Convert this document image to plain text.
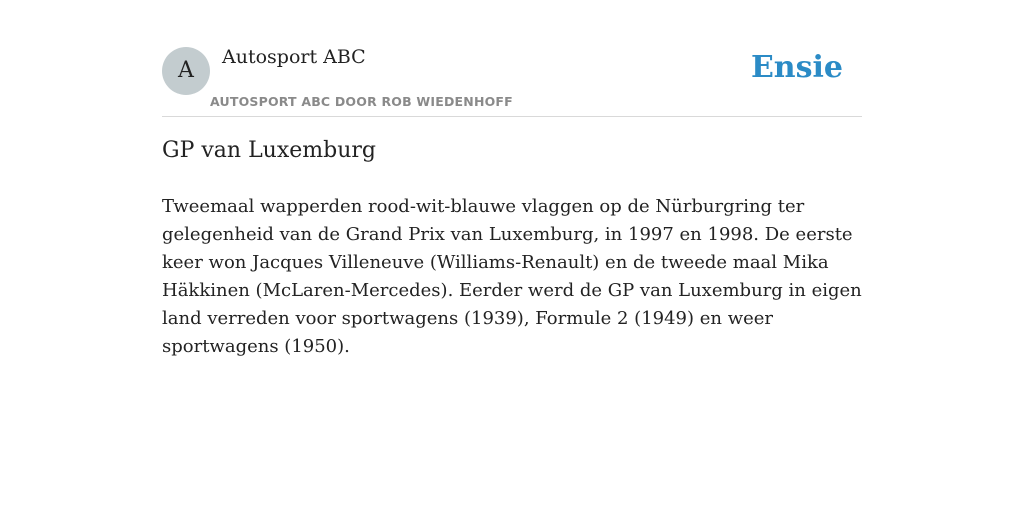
A
Autosport ABC
AUTOSPORT ABC DOOR ROB WIEDENHOFF
Ensie
GP van Luxemburg

Tweemaal wapperden rood-wit-blauwe vlaggen op de Nürburgring ter gelegenheid van de Grand Prix van Luxemburg, in 1997 en 1998. De eerste keer won Jacques Villeneuve (Williams-Renault) en de tweede maal Mika Häkkinen (McLaren-Mercedes). Eerder werd de GP van Luxemburg in eigen land verreden voor sportwagens (1939), Formule 2 (1949) en weer sportwagens (1950).
